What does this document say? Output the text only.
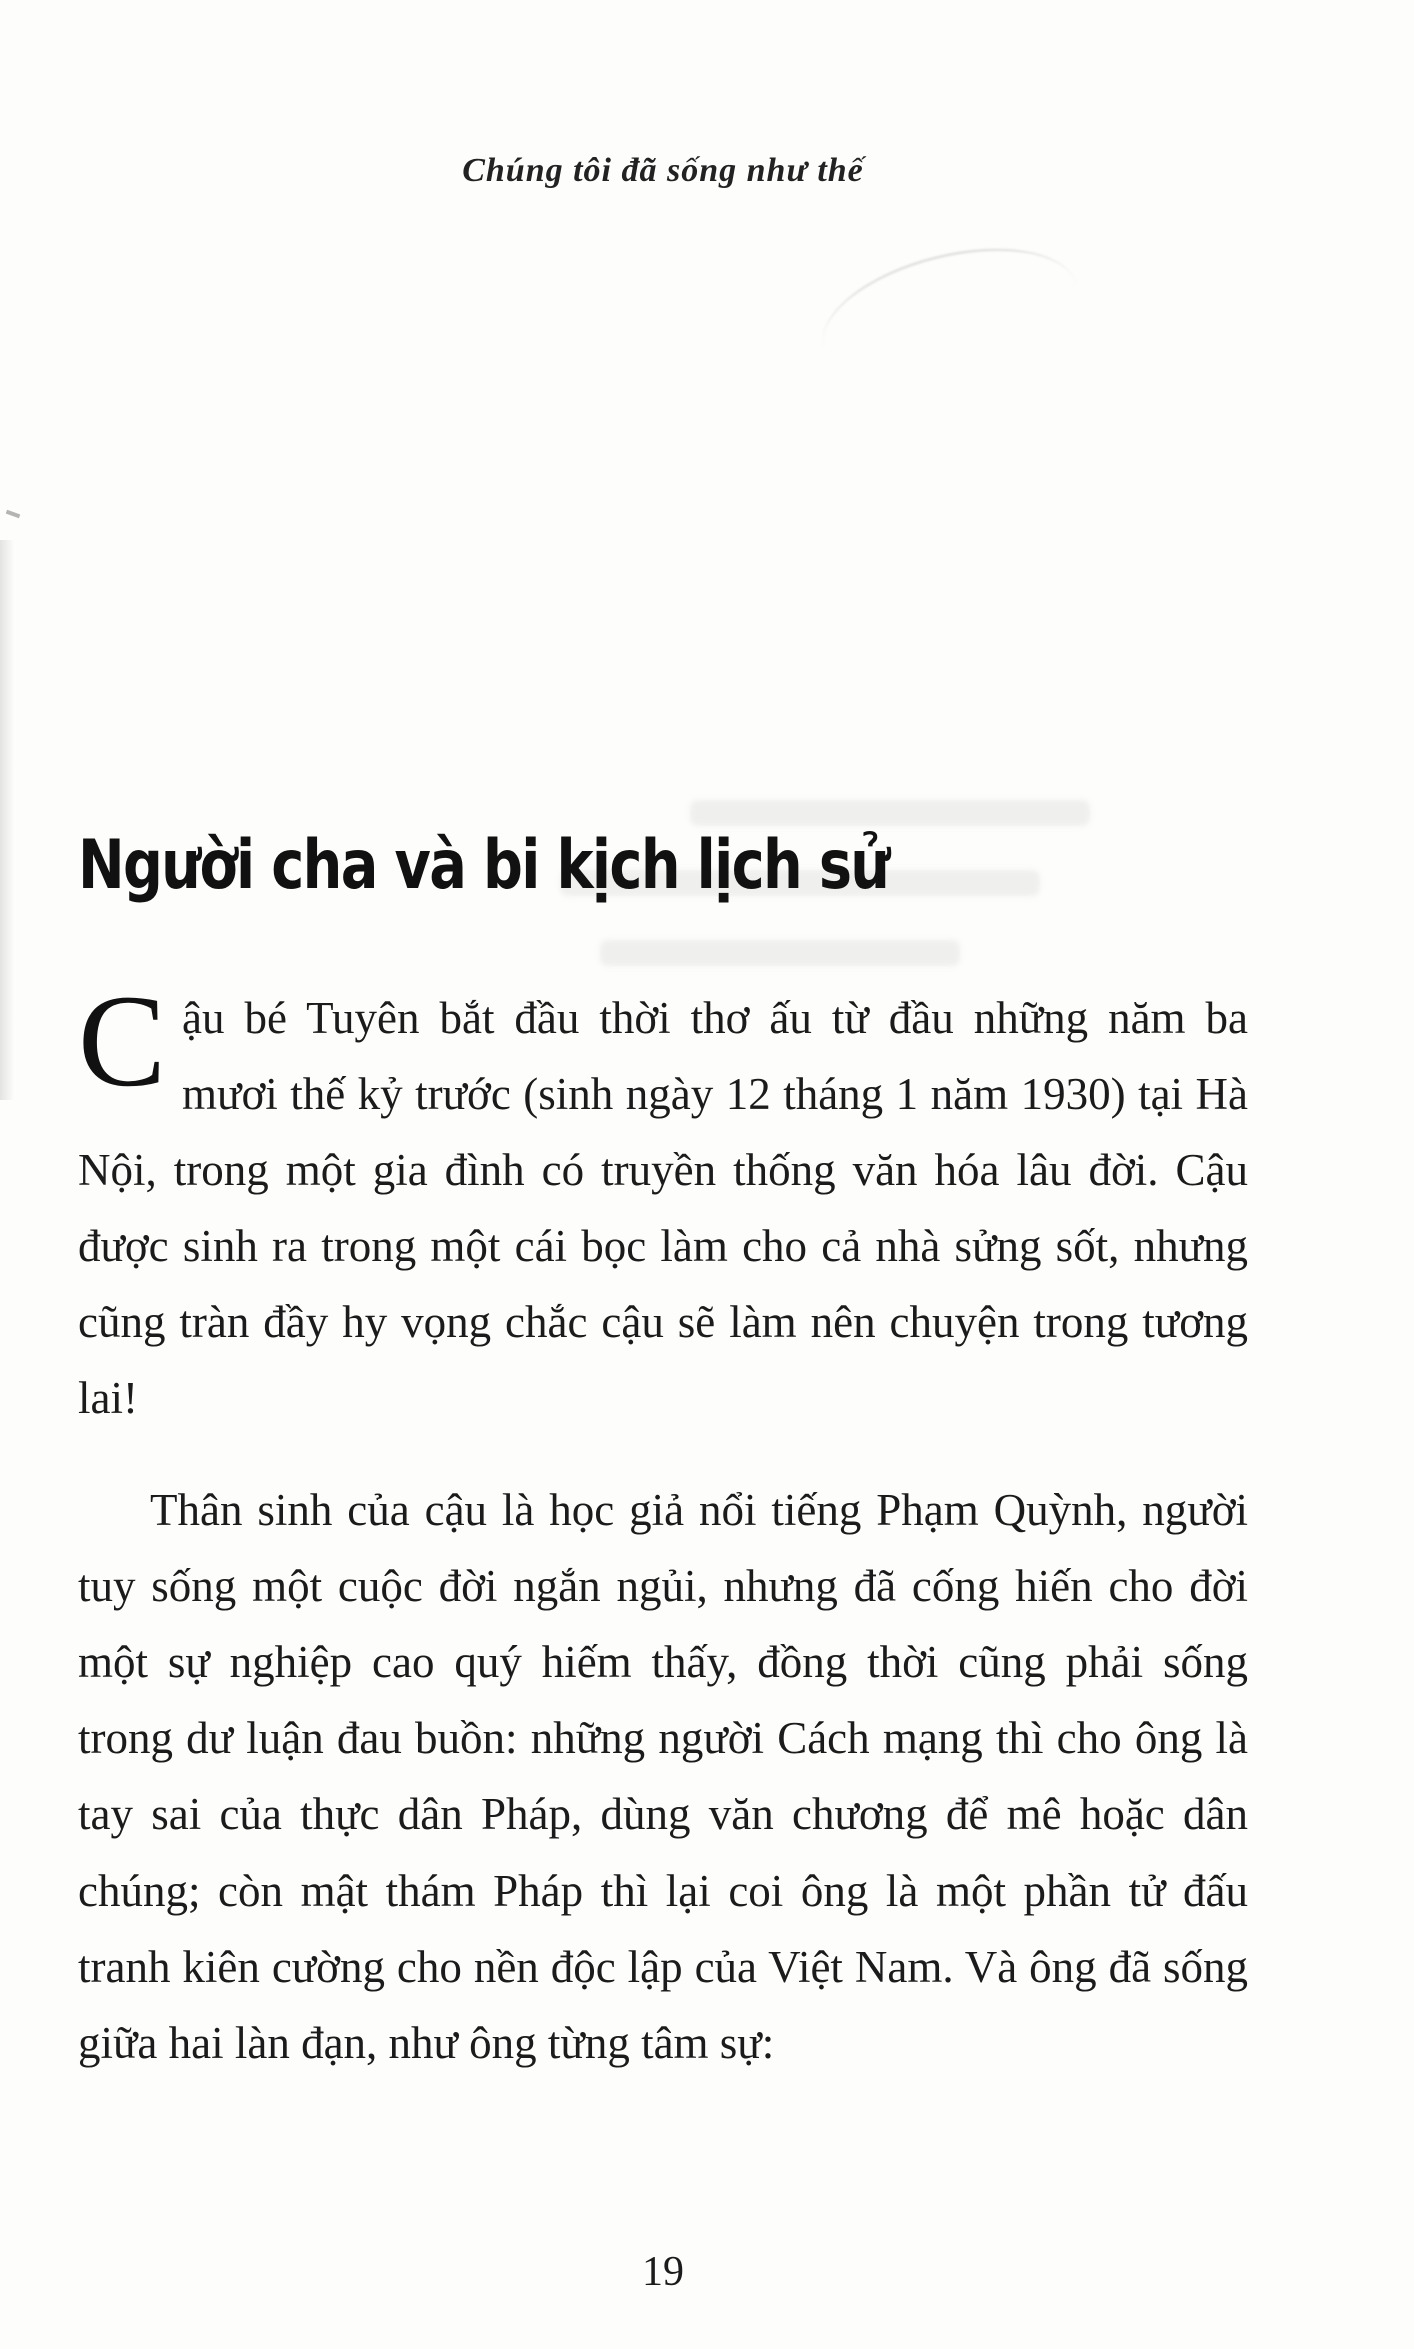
Chúng tôi đã sống như thế
Người cha và bi kịch lịch sử

Cậu bé Tuyên bắt đầu thời thơ ấu từ đầu những năm ba mươi thế kỷ trước (sinh ngày 12 tháng 1 năm 1930) tại Hà Nội, trong một gia đình có truyền thống văn hóa lâu đời. Cậu được sinh ra trong một cái bọc làm cho cả nhà sửng sốt, nhưng cũng tràn đầy hy vọng chắc cậu sẽ làm nên chuyện trong tương lai!

Thân sinh của cậu là học giả nổi tiếng Phạm Quỳnh, người tuy sống một cuộc đời ngắn ngủi, nhưng đã cống hiến cho đời một sự nghiệp cao quý hiếm thấy, đồng thời cũng phải sống trong dư luận đau buồn: những người Cách mạng thì cho ông là tay sai của thực dân Pháp, dùng văn chương để mê hoặc dân chúng; còn mật thám Pháp thì lại coi ông là một phần tử đấu tranh kiên cường cho nền độc lập của Việt Nam. Và ông đã sống giữa hai làn đạn, như ông từng tâm sự:

19
